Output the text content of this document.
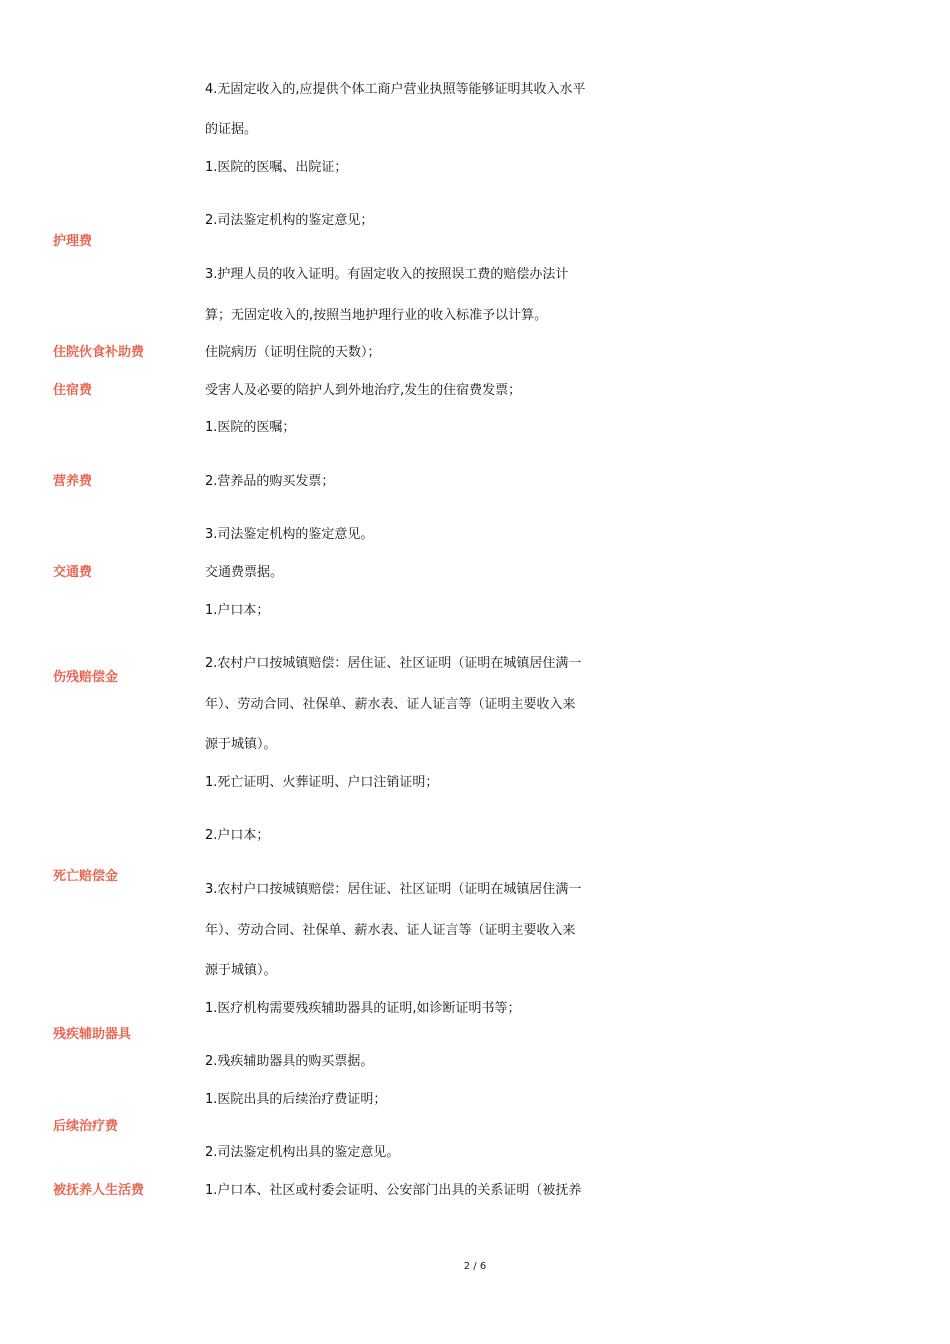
护理费
住院伙食补助费
住宿费
营养费
交通费
伤残赔偿金
死亡赔偿金
残疾辅助器具
后续治疗费
被抚养人生活费
4.无固定收入的,应提供个体工商户营业执照等能够证明其收入水平
的证据。
1.医院的医嘱、出院证；
2.司法鉴定机构的鉴定意见；
3.护理人员的收入证明。有固定收入的按照误工费的赔偿办法计
算；无固定收入的,按照当地护理行业的收入标准予以计算。
住院病历（证明住院的天数）；
受害人及必要的陪护人到外地治疗,发生的住宿费发票；
1.医院的医嘱；
2.营养品的购买发票；
3.司法鉴定机构的鉴定意见。
交通费票据。
1.户口本；
2.农村户口按城镇赔偿：居住证、社区证明（证明在城镇居住满一
年）、劳动合同、社保单、薪水表、证人证言等（证明主要收入来
源于城镇）。
1.死亡证明、火葬证明、户口注销证明；
2.户口本；
3.农村户口按城镇赔偿：居住证、社区证明（证明在城镇居住满一
年）、劳动合同、社保单、薪水表、证人证言等（证明主要收入来
源于城镇）。
1.医疗机构需要残疾辅助器具的证明,如诊断证明书等；
2.残疾辅助器具的购买票据。
1.医院出具的后续治疗费证明；
2.司法鉴定机构出具的鉴定意见。
1.户口本、社区或村委会证明、公安部门出具的关系证明（被抚养
2 / 6
